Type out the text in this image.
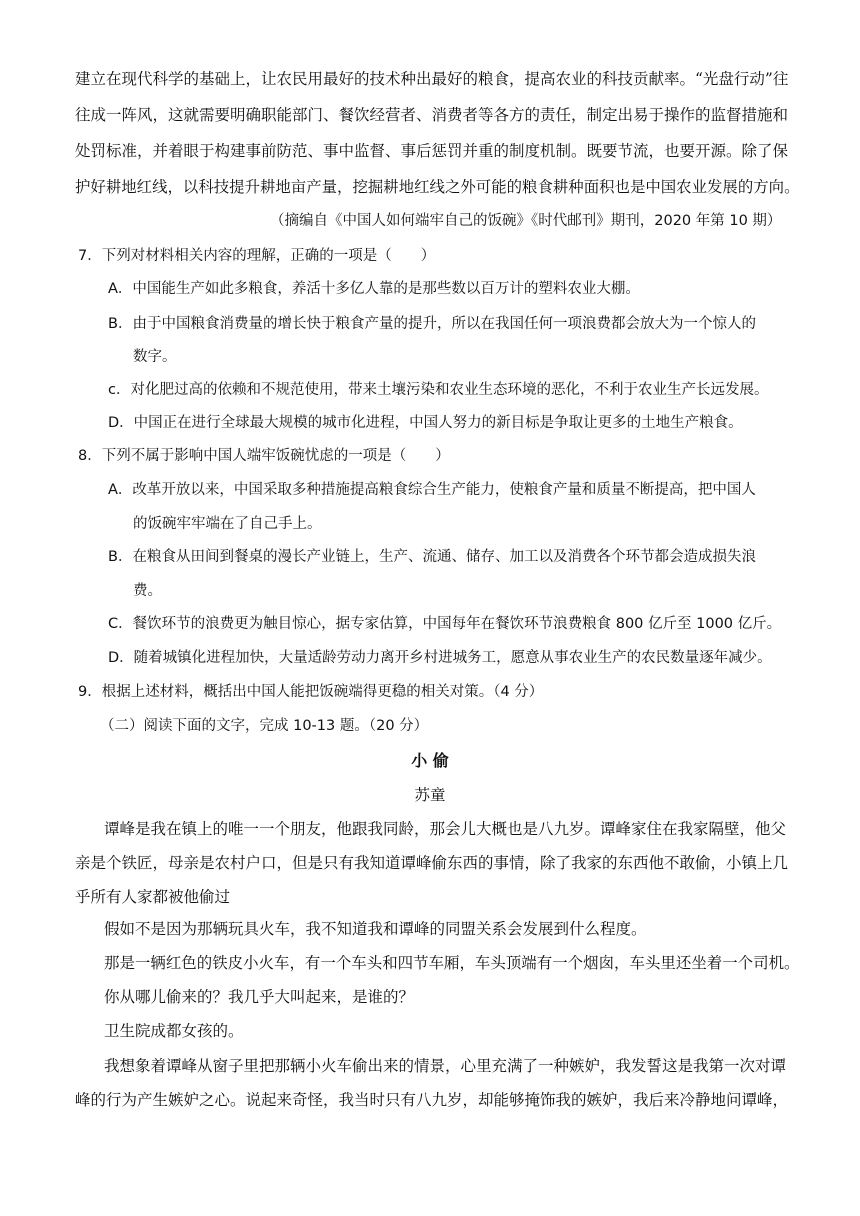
建立在现代科学的基础上，让农民用最好的技术种出最好的粮食，提高农业的科技贡献率。“光盘行动”往
往成一阵风，这就需要明确职能部门、餐饮经营者、消费者等各方的责任，制定出易于操作的监督措施和
处罚标准，并着眼于构建事前防范、事中监督、事后惩罚并重的制度机制。既要节流，也要开源。除了保
护好耕地红线，以科技提升耕地亩产量，挖掘耕地红线之外可能的粮食耕种面积也是中国农业发展的方向。
（摘编自《中国人如何端牢自己的饭碗》《时代邮刊》期刊，2020 年第 10 期）
7．下列对材料相关内容的理解，正确的一项是（　　）
A．中国能生产如此多粮食，养活十多亿人靠的是那些数以百万计的塑料农业大棚。
B．由于中国粮食消费量的增长快于粮食产量的提升，所以在我国任何一项浪费都会放大为一个惊人的
数字。
c．对化肥过高的依赖和不规范使用，带来土壤污染和农业生态环境的恶化，不利于农业生产长远发展。
D．中国正在进行全球最大规模的城市化进程，中国人努力的新目标是争取让更多的土地生产粮食。
8．下列不属于影响中国人端牢饭碗忧虑的一项是（　　）
A．改革开放以来，中国采取多种措施提高粮食综合生产能力，使粮食产量和质量不断提高，把中国人
的饭碗牢牢端在了自己手上。
B．在粮食从田间到餐桌的漫长产业链上，生产、流通、储存、加工以及消费各个环节都会造成损失浪
费。
C．餐饮环节的浪费更为触目惊心，据专家估算，中国每年在餐饮环节浪费粮食 800 亿斤至 1000 亿斤。
D．随着城镇化进程加快，大量适龄劳动力离开乡村进城务工，愿意从事农业生产的农民数量逐年减少。
9．根据上述材料，概括出中国人能把饭碗端得更稳的相关对策。（4 分）
（二）阅读下面的文字，完成 10-13 题。（20 分）
小 偷
苏童
谭峰是我在镇上的唯一一个朋友，他跟我同龄，那会儿大概也是八九岁。谭峰家住在我家隔壁，他父
亲是个铁匠，母亲是农村户口，但是只有我知道谭峰偷东西的事情，除了我家的东西他不敢偷，小镇上几
乎所有人家都被他偷过
假如不是因为那辆玩具火车，我不知道我和谭峰的同盟关系会发展到什么程度。
那是一辆红色的铁皮小火车，有一个车头和四节车厢，车头顶端有一个烟囱，车头里还坐着一个司机。
你从哪儿偷来的？我几乎大叫起来，是谁的？
卫生院成都女孩的。
我想象着谭峰从窗子里把那辆小火车偷出来的情景，心里充满了一种嫉妒，我发誓这是我第一次对谭
峰的行为产生嫉妒之心。说起来奇怪，我当时只有八九岁，却能够掩饰我的嫉妒，我后来冷静地问谭峰，
